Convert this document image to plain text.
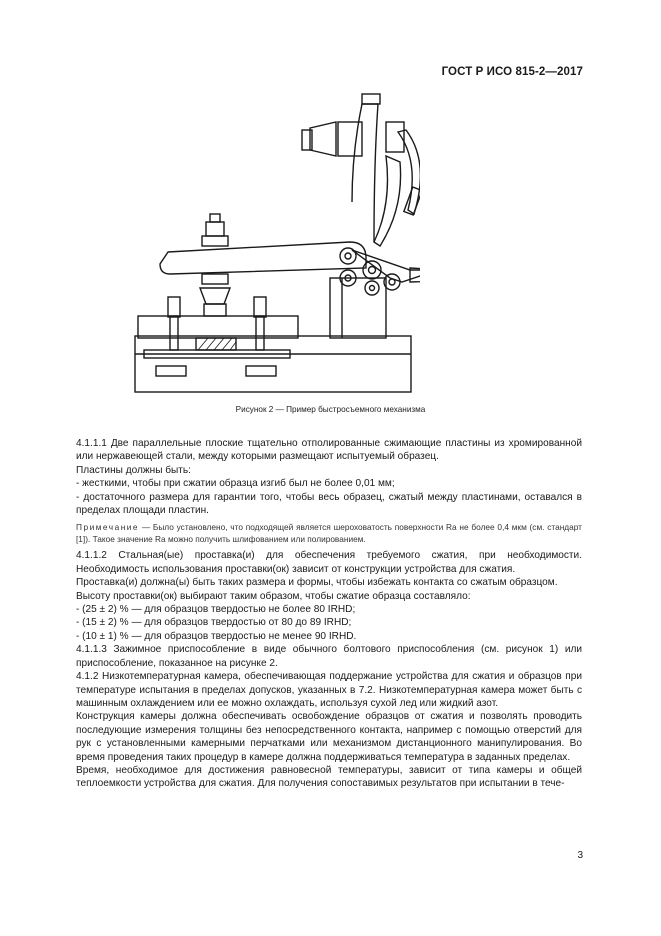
ГОСТ Р ИСО 815-2—2017
Рисунок 2 — Пример быстросъемного механизма

4.1.1.1 Две параллельные плоские тщательно отполированные сжимающие пластины из хромированной или нержавеющей стали, между которыми размещают испытуемый образец.

Пластины должны быть:

- жесткими, чтобы при сжатии образца изгиб был не более 0,01 мм;

- достаточного размера для гарантии того, чтобы весь образец, сжатый между пластинами, оставался в пределах площади пластин.

Примечание — Было установлено, что подходящей является шероховатость поверхности Ra не более 0,4 мкм (см. стандарт [1]). Такое значение Ra можно получить шлифованием или полированием.

4.1.1.2 Стальная(ые) проставка(и) для обеспечения требуемого сжатия, при необходимости. Необходимость использования проставки(ок) зависит от конструкции устройства для сжатия.

Проставка(и) должна(ы) быть таких размера и формы, чтобы избежать контакта со сжатым образцом.

Высоту проставки(ок) выбирают таким образом, чтобы сжатие образца составляло:

- (25 ± 2) % — для образцов твердостью не более 80 IRHD;

- (15 ± 2) % — для образцов твердостью от 80 до 89 IRHD;

- (10 ± 1) % — для образцов твердостью не менее 90 IRHD.

4.1.1.3 Зажимное приспособление в виде обычного болтового приспособления (см. рисунок 1) или приспособление, показанное на рисунке 2.

4.1.2 Низкотемпературная камера, обеспечивающая поддержание устройства для сжатия и образцов при температуре испытания в пределах допусков, указанных в 7.2. Низкотемпературная камера может быть с машинным охлаждением или ее можно охлаждать, используя сухой лед или жидкий азот.

Конструкция камеры должна обеспечивать освобождение образцов от сжатия и позволять проводить последующие измерения толщины без непосредственного контакта, например с помощью отверстий для рук с установленными камерными перчатками или механизмом дистанционного манипулирования. Во время проведения таких процедур в камере должна поддерживаться температура в заданных пределах.

Время, необходимое для достижения равновесной температуры, зависит от типа камеры и общей теплоемкости устройства для сжатия. Для получения сопоставимых результатов при испытании в тече-

3
